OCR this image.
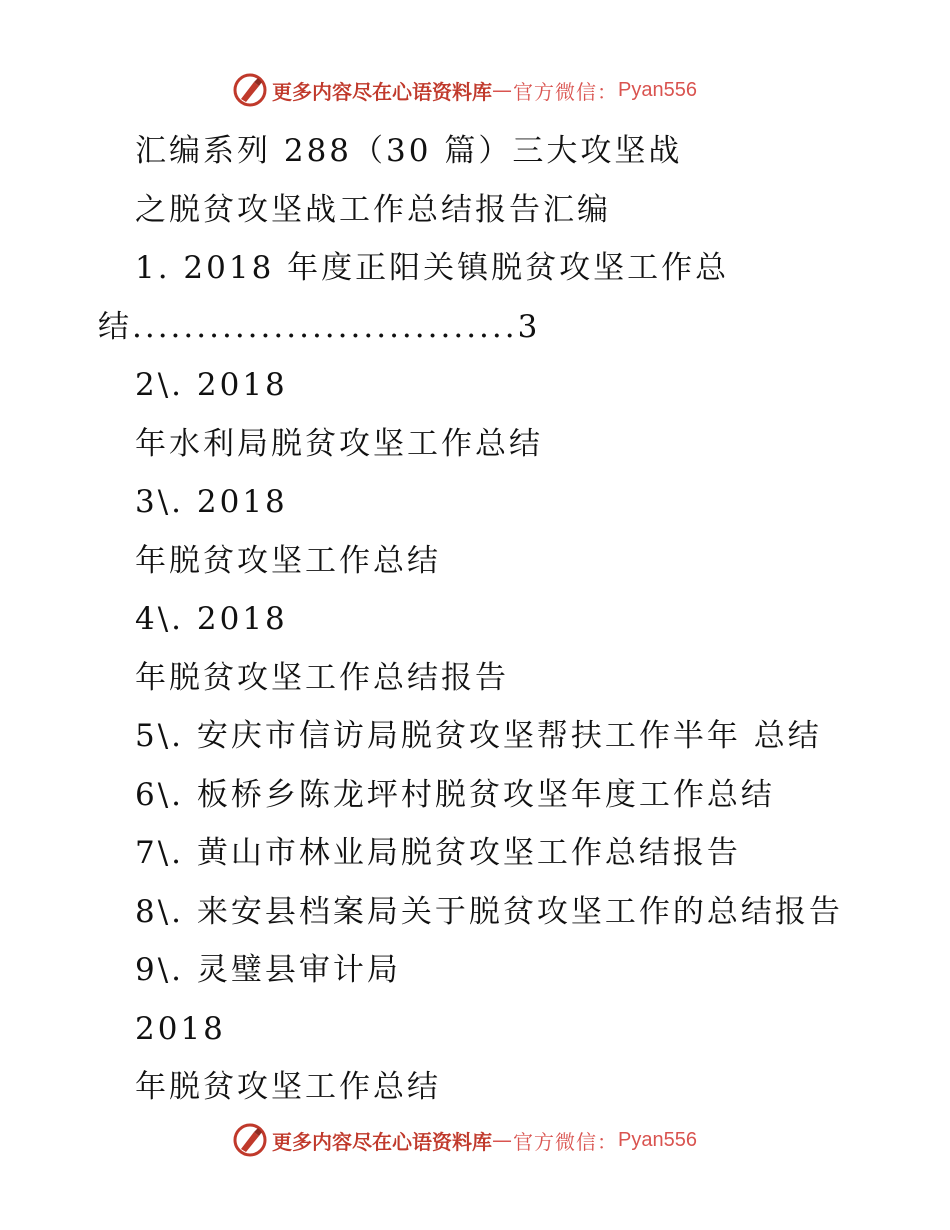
更多内容尽在心语资料库 — 官方微信： Pyan556
汇编系列 288（30 篇）三大攻坚战
之脱贫攻坚战工作总结报告汇编
1. 2018 年度正阳关镇脱贫攻坚工作总
结..............................3
2\. 2018
年水利局脱贫攻坚工作总结
3\. 2018
年脱贫攻坚工作总结
4\. 2018
年脱贫攻坚工作总结报告
5\. 安庆市信访局脱贫攻坚帮扶工作半年 总结
6\. 板桥乡陈龙坪村脱贫攻坚年度工作总结
7\. 黄山市林业局脱贫攻坚工作总结报告
8\. 来安县档案局关于脱贫攻坚工作的总结报告
9\. 灵璧县审计局
2018
年脱贫攻坚工作总结
更多内容尽在心语资料库 — 官方微信： Pyan556
